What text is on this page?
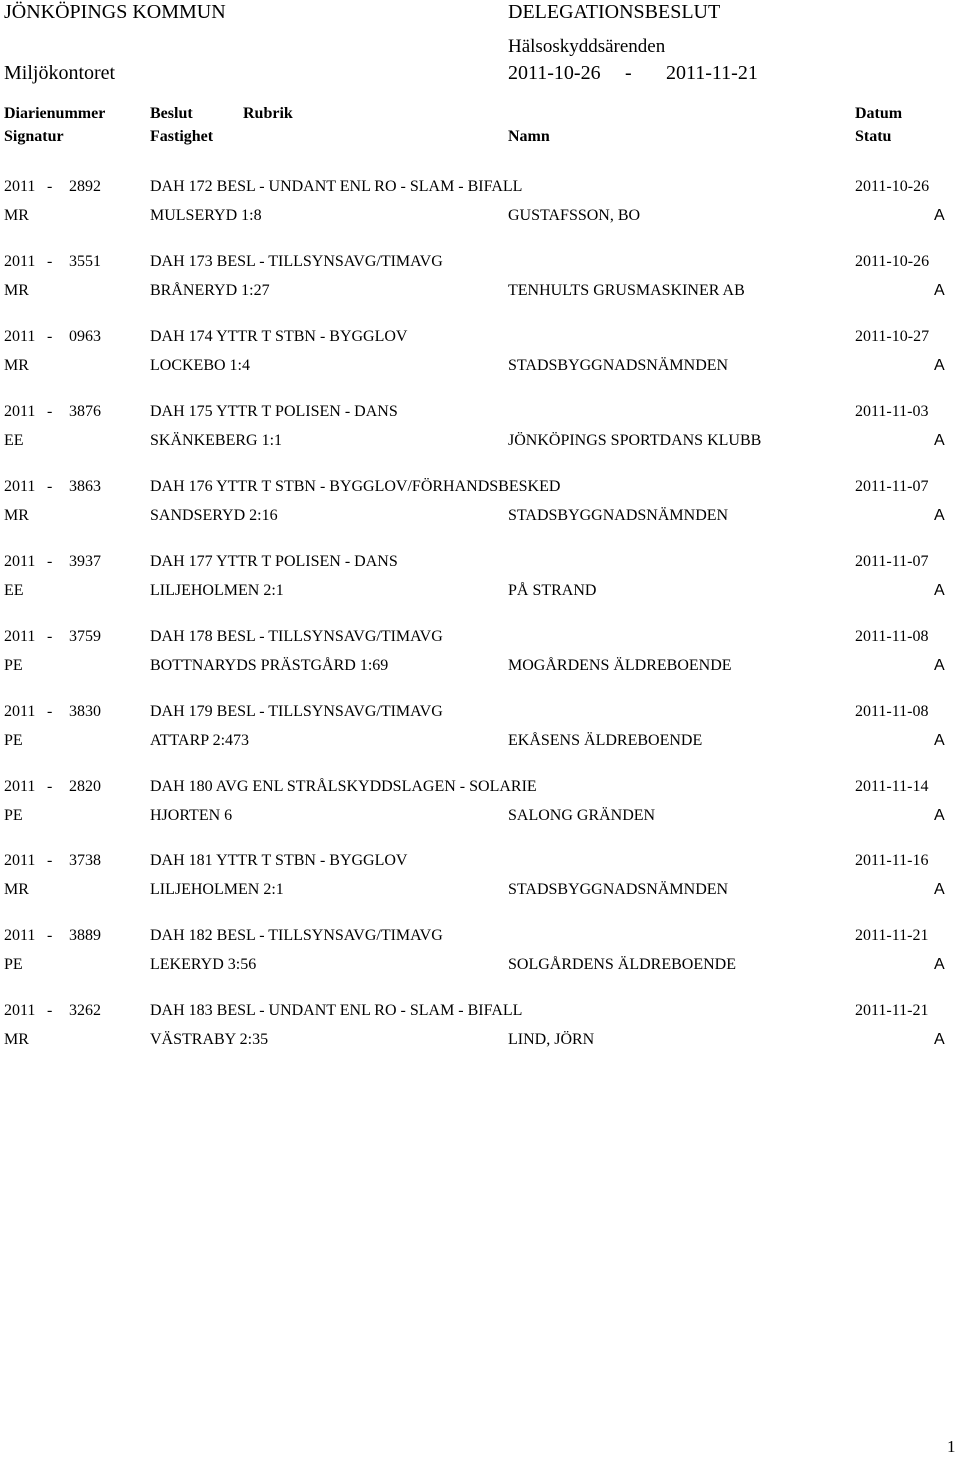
JÖNKÖPINGS KOMMUN	DELEGATIONSBESLUT
Hälsoskyddsärenden
Miljökontoret	2011-10-26 - 2011-11-21
Diarienummer	Beslut	Rubrik	Datum
Signatur	Fastighet	Namn	Statu
2011 - 2892	DAH 172 BESL - UNDANT ENL RO - SLAM - BIFALL	2011-10-26
MR	MULSERYD 1:8	GUSTAFSSON, BO	A
2011 - 3551	DAH 173 BESL - TILLSYNSAVG/TIMAVG	2011-10-26
MR	BRÅNERYD 1:27	TENHULTS GRUSMASKINER AB	A
2011 - 0963	DAH 174 YTTR T STBN - BYGGLOV	2011-10-27
MR	LOCKEBO 1:4	STADSBYGGNADSNÄMNDEN	A
2011 - 3876	DAH 175 YTTR T POLISEN - DANS	2011-11-03
EE	SKÄNKEBERG 1:1	JÖNKÖPINGS SPORTDANS KLUBB	A
2011 - 3863	DAH 176 YTTR T STBN - BYGGLOV/FÖRHANDSBESKED	2011-11-07
MR	SANDSERYD 2:16	STADSBYGGNADSNÄMNDEN	A
2011 - 3937	DAH 177 YTTR T POLISEN - DANS	2011-11-07
EE	LILJEHOLMEN 2:1	PÅ STRAND	A
2011 - 3759	DAH 178 BESL - TILLSYNSAVG/TIMAVG	2011-11-08
PE	BOTTNARYDS PRÄSTGÅRD 1:69	MOGÅRDENS ÄLDREBOENDE	A
2011 - 3830	DAH 179 BESL - TILLSYNSAVG/TIMAVG	2011-11-08
PE	ATTARP 2:473	EKÅSENS ÄLDREBOENDE	A
2011 - 2820	DAH 180 AVG ENL STRÅLSKYDDSLAGEN - SOLARIE	2011-11-14
PE	HJORTEN 6	SALONG GRÄNDEN	A
2011 - 3738	DAH 181 YTTR T STBN - BYGGLOV	2011-11-16
MR	LILJEHOLMEN 2:1	STADSBYGGNADSNÄMNDEN	A
2011 - 3889	DAH 182 BESL - TILLSYNSAVG/TIMAVG	2011-11-21
PE	LEKERYD 3:56	SOLGÅRDENS ÄLDREBOENDE	A
2011 - 3262	DAH 183 BESL - UNDANT ENL RO - SLAM - BIFALL	2011-11-21
MR	VÄSTRABY 2:35	LIND, JÖRN	A
1
